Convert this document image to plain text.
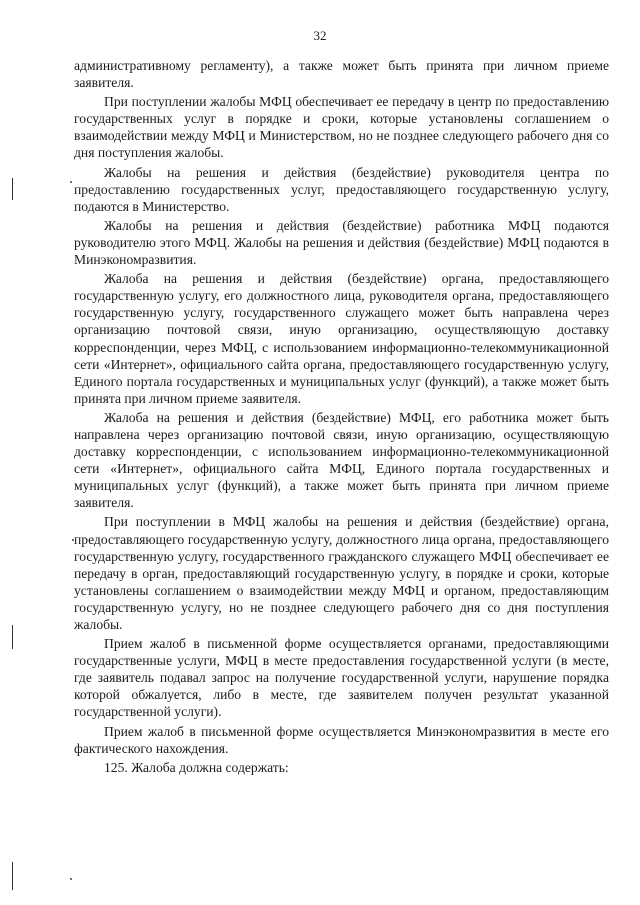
32

административному регламенту), а также может быть принята при личном приеме заявителя.

При поступлении жалобы МФЦ обеспечивает ее передачу в центр по предоставлению государственных услуг в порядке и сроки, которые установлены соглашением о взаимодействии между МФЦ и Министерством, но не позднее следующего рабочего дня со дня поступления жалобы.

Жалобы на решения и действия (бездействие) руководителя центра по предоставлению государственных услуг, предоставляющего государственную услугу, подаются в Министерство.

Жалобы на решения и действия (бездействие) работника МФЦ подаются руководителю этого МФЦ. Жалобы на решения и действия (бездействие) МФЦ подаются в Минэкономразвития.

Жалоба на решения и действия (бездействие) органа, предоставляющего государственную услугу, его должностного лица, руководителя органа, предоставляющего государственную услугу, государственного служащего может быть направлена через организацию почтовой связи, иную организацию, осуществляющую доставку корреспонденции, через МФЦ, с использованием информационно-телекоммуникационной сети «Интернет», официального сайта органа, предоставляющего государственную услугу, Единого портала государственных и муниципальных услуг (функций), а также может быть принята при личном приеме заявителя.

Жалоба на решения и действия (бездействие) МФЦ, его работника может быть направлена через организацию почтовой связи, иную организацию, осуществляющую доставку корреспонденции, с использованием информационно-телекоммуникационной сети «Интернет», официального сайта МФЦ, Единого портала государственных и муниципальных услуг (функций), а также может быть принята при личном приеме заявителя.

При поступлении в МФЦ жалобы на решения и действия (бездействие) органа, предоставляющего государственную услугу, должностного лица органа, предоставляющего государственную услугу, государственного гражданского служащего МФЦ обеспечивает ее передачу в орган, предоставляющий государственную услугу, в порядке и сроки, которые установлены соглашением о взаимодействии между МФЦ и органом, предоставляющим государственную услугу, но не позднее следующего рабочего дня со дня поступления жалобы.

Прием жалоб в письменной форме осуществляется органами, предоставляющими государственные услуги, МФЦ в месте предоставления государственной услуги (в месте, где заявитель подавал запрос на получение государственной услуги, нарушение порядка которой обжалуется, либо в месте, где заявителем получен результат указанной государственной услуги).

Прием жалоб в письменной форме осуществляется Минэкономразвития в месте его фактического нахождения.

125. Жалоба должна содержать:
